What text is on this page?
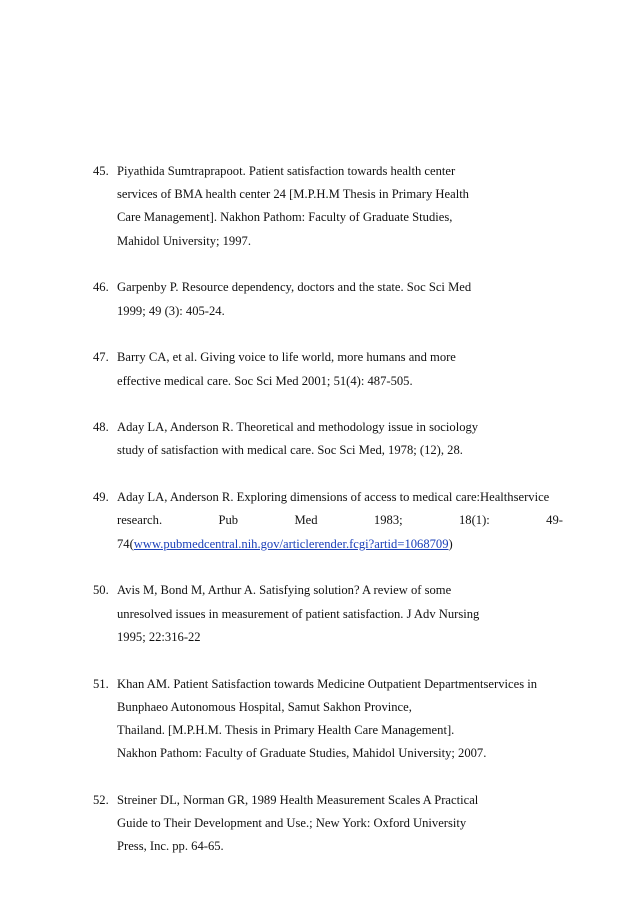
45. Piyathida Sumtraprapoot. Patient satisfaction towards health center
services of BMA health center 24 [M.P.H.M Thesis in Primary Health
Care Management]. Nakhon Pathom: Faculty of Graduate Studies,
Mahidol University; 1997.
46. Garpenby P. Resource dependency, doctors and the state. Soc Sci Med
1999; 49 (3): 405-24.
47. Barry CA, et al. Giving voice to life world, more humans and more
effective medical care. Soc Sci Med 2001; 51(4): 487-505.
48. Aday LA, Anderson R. Theoretical and methodology issue in sociology
study of satisfaction with medical care. Soc Sci Med, 1978; (12), 28.
49. Aday LA, Anderson R. Exploring dimensions of access to medical care:Healthservice
research.	Pub	Med	1983;	18(1):	49-
74(www.pubmedcentral.nih.gov/articlerender.fcgi?artid=1068709)
50. Avis M, Bond M, Arthur A. Satisfying solution? A review of some
unresolved issues in measurement of patient satisfaction. J Adv Nursing
1995; 22:316-22
51. Khan AM. Patient Satisfaction towards Medicine Outpatient Departmentservices in
Bunphaeo Autonomous Hospital, Samut Sakhon Province,
Thailand. [M.P.H.M. Thesis in Primary Health Care Management].
Nakhon Pathom: Faculty of Graduate Studies, Mahidol University; 2007.
52. Streiner DL, Norman GR, 1989 Health Measurement Scales A Practical
Guide to Their Development and Use.; New York: Oxford University
Press, Inc. pp. 64-65.
